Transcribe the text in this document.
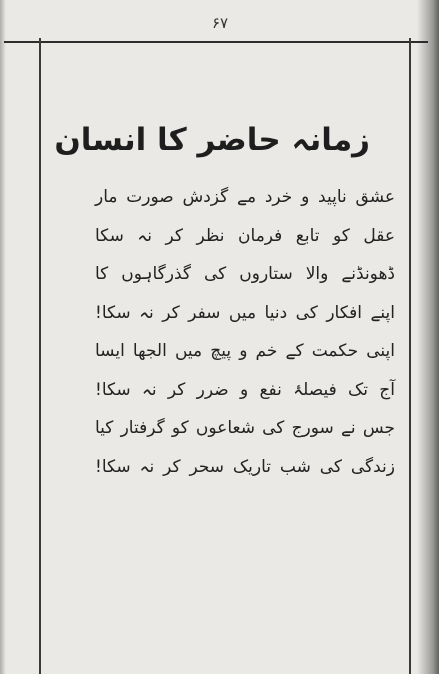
۶۷
زمانہ حاضر کا انسان
عشق ناپید و خرد مے گزدش صورت مار
عقل کو تابع فرمان نظر کر نہ سکا
ڈھونڈنے والا ستاروں کی گذرگاہوں کا
اپنے افکار کی دنیا میں سفر کر نہ سکا!
اپنی حکمت کے خم و پیچ میں الجھا ایسا
آج تک فیصلۂ نفع و ضرر کر نہ سکا!
جس نے سورج کی شعاعوں کو گرفتار کیا
زندگی کی شب تاریک سحر کر نہ سکا!
